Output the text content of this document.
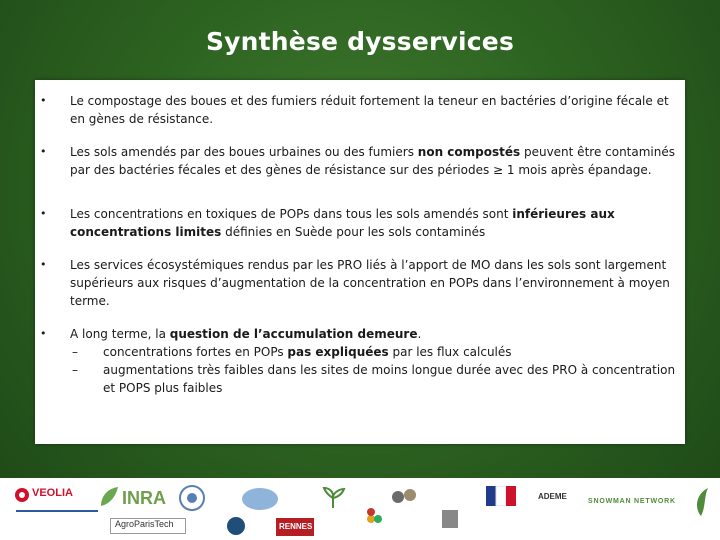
Synthèse dysservices
• Le compostage des boues et des fumiers réduit fortement la teneur en bactéries d’origine fécale et en gènes de résistance.
• Les sols amendés par des boues urbaines ou des fumiers non compostés peuvent être contaminés par des bactéries fécales et des gènes de résistance sur des périodes ≥ 1 mois après épandage.
• Les concentrations en toxiques de POPs dans tous les sols amendés sont inférieures aux concentrations limites définies en Suède pour les sols contaminés
• Les services écosystémiques rendus par les PRO liés à l’apport de MO dans les sols sont largement supérieurs aux risques d’augmentation de la concentration en POPs dans l’environnement à moyen terme.
• A long terme, la question de l’accumulation demeure.
– concentrations fortes en POPs pas expliquées par les flux calculés
– augmentations très faibles dans les sites de moins longue durée avec des PRO à concentration et POPS plus faibles
VEOLIA	INRA
AgroParisTech	RENNES
ADEME
SNOWMAN NETWORK
